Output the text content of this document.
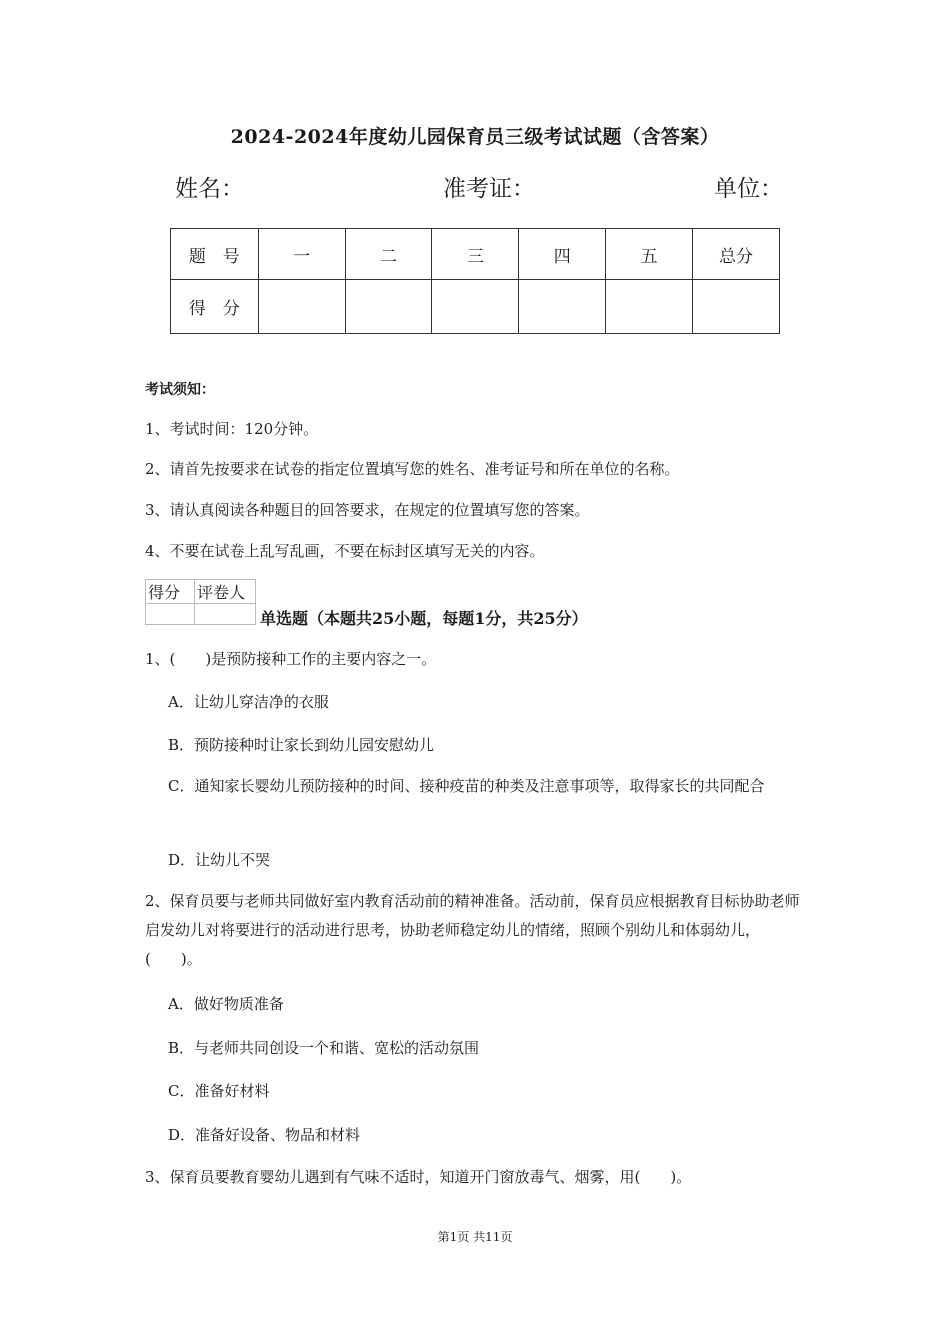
2024-2024年度幼儿园保育员三级考试试题（含答案）
姓名：	准考证：	单位：
题　号	一	二	三	四	五	总分
得　分						
考试须知：
1、考试时间：120分钟。
2、请首先按要求在试卷的指定位置填写您的姓名、准考证号和所在单位的名称。
3、请认真阅读各种题目的回答要求，在规定的位置填写您的答案。
4、不要在试卷上乱写乱画，不要在标封区填写无关的内容。
得分	评卷人

单选题（本题共25小题，每题1分，共25分）
1、(　　)是预防接种工作的主要内容之一。
A．让幼儿穿洁净的衣服
B．预防接种时让家长到幼儿园安慰幼儿
C．通知家长婴幼儿预防接种的时间、接种疫苗的种类及注意事项等，取得家长的共同配合
D．让幼儿不哭
2、保育员要与老师共同做好室内教育活动前的精神准备。活动前，保育员应根据教育目标协助老师启发幼儿对将要进行的活动进行思考，协助老师稳定幼儿的情绪，照顾个别幼儿和体弱幼儿，(　　)。
A．做好物质准备
B．与老师共同创设一个和谐、宽松的活动氛围
C．准备好材料
D．准备好设备、物品和材料
3、保育员要教育婴幼儿遇到有气味不适时，知道开门窗放毒气、烟雾，用(　　)。
第1页 共11页
